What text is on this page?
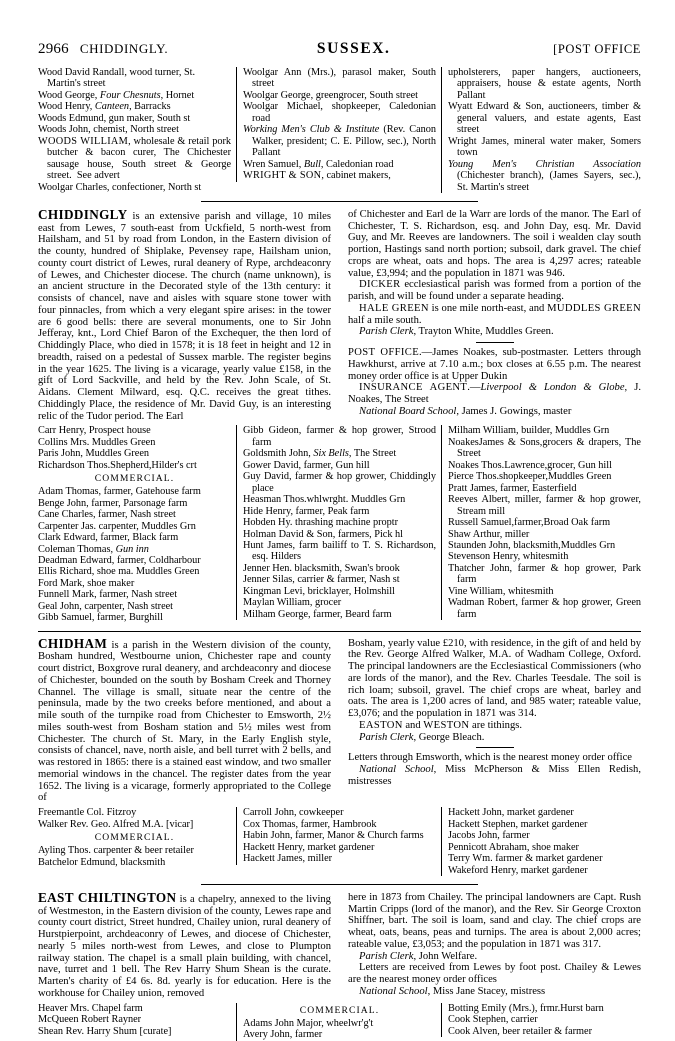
2966 CHIDDINGLY.	SUSSEX.	[POST OFFICE

Wood David Randall, wood turner, St. Martin's street

Wood George, Four Chesnuts, Hornet

Wood Henry, Canteen, Barracks

Woods Edmund, gun maker, South st

Woods John, chemist, North street

WOODS WILLIAM, wholesale & retail pork butcher & bacon curer, The Chichester sausage house, South street & George street.  See advert

Woolgar Charles, confectioner, North st

Woolgar Ann (Mrs.), parasol maker, South street

Woolgar George, greengrocer, South street

Woolgar Michael, shopkeeper, Caledonian road

Working Men's Club & Institute (Rev. Canon Walker, president; C. E. Pillow, sec.), North Pallant

Wren Samuel, Bull, Caledonian road

WRIGHT & SON, cabinet makers,

upholsterers, paper hangers, auctioneers, appraisers, house & estate agents, North Pallant

Wyatt Edward & Son, auctioneers, timber & general valuers, and estate agents, East street

Wright James, mineral water maker, Somers town

Young Men's Christian Association (Chichester branch), (James Sayers, sec.), St. Martin's street

CHIDDINGLY is an extensive parish and village, 10 miles east from Lewes, 7 south-east from Uckfield, 5 north-west from Hailsham, and 51 by road from London, in the Eastern division of the county, hundred of Shiplake, Pevensey rape, Hailsham union, county court district of Lewes, rural deanery of Rype, archdeaconry of Lewes, and Chichester diocese. The church (name unknown), is an ancient structure in the Decorated style of the 13th century: it consists of chancel, nave and aisles with square stone tower with four pinnacles, from which a very elegant spire arises: in the tower are 6 good bells: there are several monuments, one to Sir John Jefferay, knt., Lord Chief Baron of the Exchequer, the then lord of Chiddingly Place, who died in 1578; it is 18 feet in height and 12 in breadth, raised on a pedestal of Sussex marble. The register begins in the year 1625. The living is a vicarage, yearly value £158, in the gift of Lord Sackville, and held by the Rev. John Scale, of St. Aidans. Clement Milward, esq. Q.C. receives the great tithes. Chiddingly Place, the residence of Mr. David Guy, is an interesting relic of the Tudor period. The Earl

of Chichester and Earl de la Warr are lords of the manor. The Earl of Chichester, T. S. Richardson, esq. and John Day, esq. Mr. David Guy, and Mr. Reeves are landowners. The soil i wealden clay south portion, Hastings sand north portion; subsoil, dark gravel. The chief crops are wheat, oats and hops. The area is 4,297 acres; rateable value, £3,994; and the population in 1871 was 946.

DICKER ecclesiastical parish was formed from a portion of the parish, and will be found under a separate heading.

HALE GREEN is one mile north-east, and MUDDLES GREEN half a mile south.

Parish Clerk, Trayton White, Muddles Green.

POST OFFICE.—James Noakes, sub-postmaster. Letters through Hawkhurst, arrive at 7.10 a.m.; box closes at 6.55 p.m. The nearest money order office is at Upper Dukin

INSURANCE AGENT.—Liverpool & London & Globe, J. Noakes, The Street

National Board School, James J. Gowings, master

Carr Henry, Prospect house

Collins Mrs. Muddles Green

Paris John, Muddles Green

Richardson Thos.Shepherd,Hilder's crt

COMMERCIAL.

Adam Thomas, farmer, Gatehouse farm

Benge John, farmer, Parsonage farm

Cane Charles, farmer, Nash street

Carpenter Jas. carpenter, Muddles Grn

Clark Edward, farmer, Black farm

Coleman Thomas, Gun inn

Deadman Edward, farmer, Coldharbour

Ellis Richard, shoe ma. Muddles Green

Ford Mark, shoe maker

Funnell Mark, farmer, Nash street

Geal John, carpenter, Nash street

Gibb Samuel, farmer, Burghill

Gibb Gideon, farmer & hop grower, Strood farm

Goldsmith John, Six Bells, The Street

Gower David, farmer, Gun hill

Guy David, farmer & hop grower, Chiddingly place

Heasman Thos.whlwrght. Muddles Grn

Hide Henry, farmer, Peak farm

Hobden Hy. thrashing machine proptr

Holman David & Son, farmers, Pick hl

Hunt James, farm bailiff to T. S. Richardson, esq. Hilders

Jenner Hen. blacksmith, Swan's brook

Jenner Silas, carrier & farmer, Nash st

Kingman Levi, bricklayer, Holmshill

Maylan William, grocer

Milham George, farmer, Beard farm

Milham William, builder, Muddles Grn

NoakesJames & Sons,grocers & drapers, The Street

Noakes Thos.Lawrence,grocer, Gun hill

Pierce Thos.shopkeeper,Muddles Green

Pratt James, farmer, Easterfield

Reeves Albert, miller, farmer & hop grower, Stream mill

Russell Samuel,farmer,Broad Oak farm

Shaw Arthur, miller

Staunden John, blacksmith,Muddles Grn

Stevenson Henry, whitesmith

Thatcher John, farmer & hop grower, Park farm

Vine William, whitesmith

Wadman Robert, farmer & hop grower, Green farm

CHIDHAM is a parish in the Western division of the county, Bosham hundred, Westbourne union, Chichester rape and county court district, Boxgrove rural deanery, and archdeaconry and diocese of Chichester, bounded on the south by Bosham Creek and Thorney Channel. The village is small, situate near the centre of the peninsula, made by the two creeks before mentioned, and about a mile south of the turnpike road from Chichester to Emsworth, 2½ miles south-west from Bosham station and 5½ miles west from Chichester. The church of St. Mary, in the Early English style, consists of chancel, nave, north aisle, and bell turret with 2 bells, and was restored in 1865: there is a stained east window, and two smaller memorial windows in the chancel. The register dates from the year 1652. The living is a vicarage, formerly appropriated to the College of

Bosham, yearly value £210, with residence, in the gift of and held by the Rev. George Alfred Walker, M.A. of Wadham College, Oxford. The principal landowners are the Ecclesiastical Commissioners (who are lords of the manor), and the Rev. Charles Teesdale. The soil is rich loam; subsoil, gravel. The chief crops are wheat, barley and oats. The area is 1,200 acres of land, and 985 water; rateable value, £3,076; and the population in 1871 was 314.

EASTON and WESTON are tithings.

Parish Clerk, George Bleach.

Letters through Emsworth, which is the nearest money order office

National School, Miss McPherson & Miss Ellen Redish, mistresses

Freemantle Col. Fitzroy

Walker Rev. Geo. Alfred M.A. [vicar]

COMMERCIAL.

Ayling Thos. carpenter & beer retailer

Batchelor Edmund, blacksmith

Carroll John, cowkeeper

Cox Thomas, farmer, Hambrook

Habin John, farmer, Manor & Church farms

Hackett Henry, market gardener

Hackett James, miller

Hackett John, market gardener

Hackett Stephen, market gardener

Jacobs John, farmer

Pennicott Abraham, shoe maker

Terry Wm. farmer & market gardener

Wakeford Henry, market gardener

EAST CHILTINGTON is a chapelry, annexed to the living of Westmeston, in the Eastern division of the county, Lewes rape and county court district, Street hundred, Chailey union, rural deanery of Hurstpierpoint, archdeaconry of Lewes, and diocese of Chichester, nearly 5 miles north-west from Lewes, and close to Plumpton railway station. The chapel is a small plain building, with chancel, nave, turret and 1 bell. The Rev Harry Shum Shean is the curate. Marten's charity of £4 6s. 8d. yearly is for education. Here is the workhouse for Chailey union, removed

here in 1873 from Chailey. The principal landowners are Capt. Rush Martin Cripps (lord of the manor), and the Rev. Sir George Croxton Shiffner, bart. The soil is loam, sand and clay. The chief crops are wheat, oats, beans, peas and turnips. The area is about 2,000 acres; rateable value, £3,053; and the population in 1871 was 317.

Parish Clerk, John Welfare.

Letters are received from Lewes by foot post. Chailey & Lewes are the nearest money order offices

National School, Miss Jane Stacey, mistress

Heaver Mrs. Chapel farm

McQueen Robert Rayner

Shean Rev. Harry Shum [curate]

COMMERCIAL.

Adams John Major, wheelwr'g't

Avery John, farmer

Botting Emily (Mrs.), frmr.Hurst barn

Cook Stephen, carrier

Cook Alven, beer retailer & farmer
